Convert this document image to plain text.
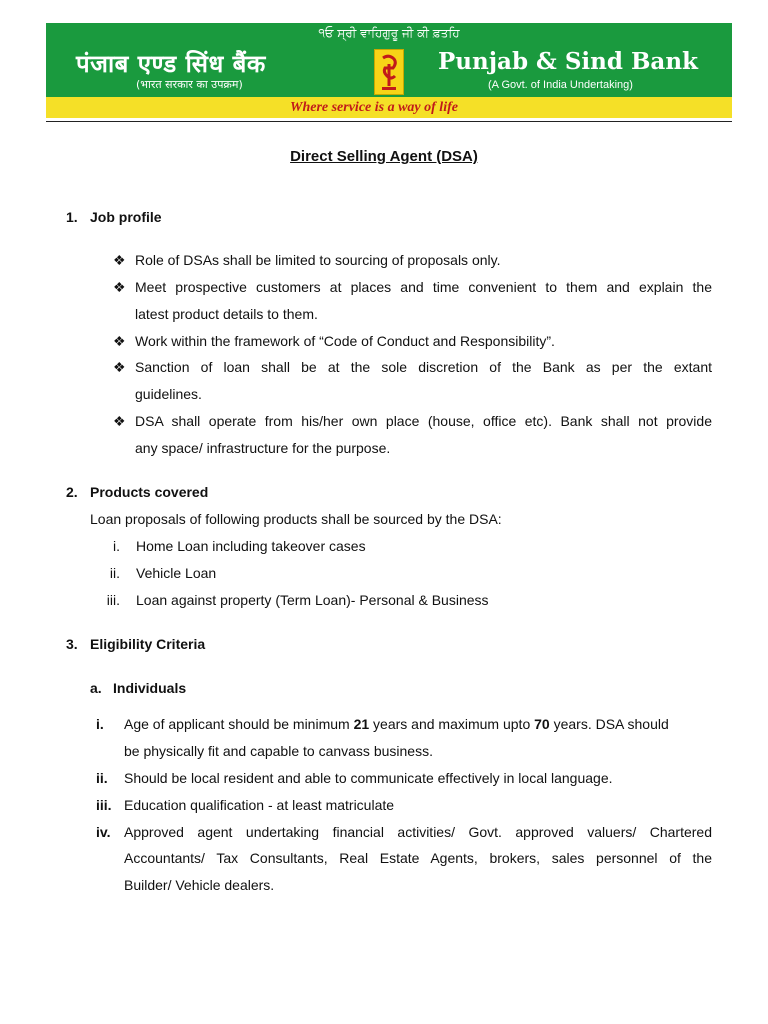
੧ਓ ਸ੍ਰੀ ਵਾਹਿਗੁਰੂ ਜੀ ਕੀ ਫ਼ਤਹਿ
पंजाब एण्ड सिंध बैंक
(भारत सरकार का उपक्रम)
Punjab & Sind Bank
(A Govt. of India Undertaking)
Where service is a way of life
Direct Selling Agent (DSA)
1. Job profile
❖ Role of DSAs shall be limited to sourcing of proposals only.
❖ Meet prospective customers at places and time convenient to them and explain the
latest product details to them.
❖ Work within the framework of “Code of Conduct and Responsibility”.
❖ Sanction of loan shall be at the sole discretion of the Bank as per the extant
guidelines.
❖ DSA shall operate from his/her own place (house, office etc). Bank shall not provide
any space/ infrastructure for the purpose.
2. Products covered
Loan proposals of following products shall be sourced by the DSA:
i. Home Loan including takeover cases
ii. Vehicle Loan
iii. Loan against property (Term Loan)- Personal & Business
3. Eligibility Criteria
a. Individuals
i. Age of applicant should be minimum 21 years and maximum upto 70 years. DSA should
be physically fit and capable to canvass business.
ii. Should be local resident and able to communicate effectively in local language.
iii. Education qualification - at least matriculate
iv. Approved agent undertaking financial activities/ Govt. approved valuers/ Chartered
Accountants/ Tax Consultants, Real Estate Agents, brokers, sales personnel of the
Builder/ Vehicle dealers.
